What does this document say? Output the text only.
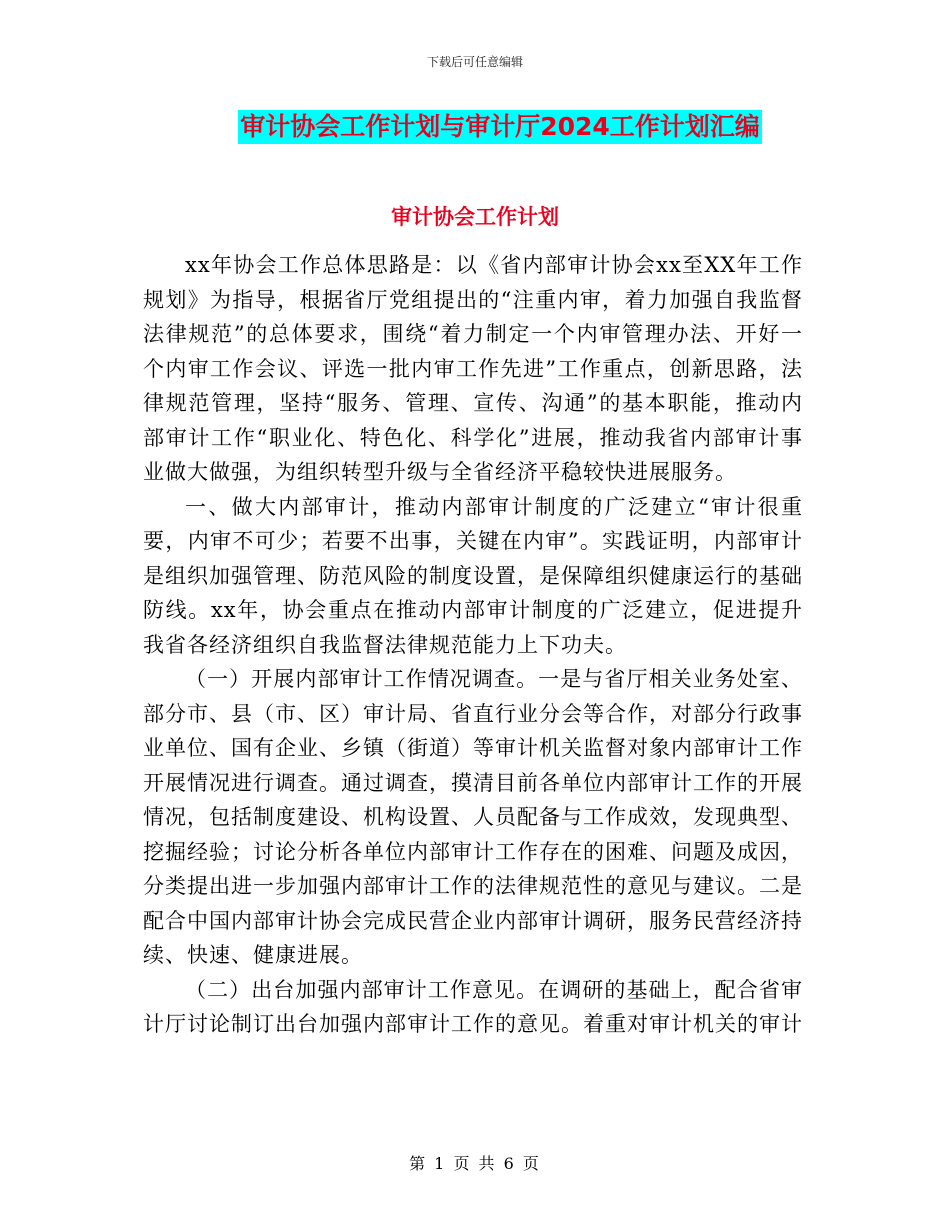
下载后可任意编辑
审计协会工作计划与审计厅2024工作计划汇编
审计协会工作计划

xx年协会工作总体思路是：以《省内部审计协会xx至XX年工作规划》为指导，根据省厅党组提出的“注重内审，着力加强自我监督法律规范”的总体要求，围绕“着力制定一个内审管理办法、开好一个内审工作会议、评选一批内审工作先进”工作重点，创新思路，法律规范管理，坚持“服务、管理、宣传、沟通”的基本职能，推动内部审计工作“职业化、特色化、科学化”进展，推动我省内部审计事业做大做强，为组织转型升级与全省经济平稳较快进展服务。

一、做大内部审计，推动内部审计制度的广泛建立“审计很重要，内审不可少；若要不出事，关键在内审”。实践证明，内部审计是组织加强管理、防范风险的制度设置，是保障组织健康运行的基础防线。xx年，协会重点在推动内部审计制度的广泛建立，促进提升我省各经济组织自我监督法律规范能力上下功夫。

（一）开展内部审计工作情况调查。一是与省厅相关业务处室、部分市、县（市、区）审计局、省直行业分会等合作，对部分行政事业单位、国有企业、乡镇（街道）等审计机关监督对象内部审计工作开展情况进行调查。通过调查，摸清目前各单位内部审计工作的开展情况，包括制度建设、机构设置、人员配备与工作成效，发现典型、挖掘经验；讨论分析各单位内部审计工作存在的困难、问题及成因，分类提出进一步加强内部审计工作的法律规范性的意见与建议。二是配合中国内部审计协会完成民营企业内部审计调研，服务民营经济持续、快速、健康进展。

（二）出台加强内部审计工作意见。在调研的基础上，配合省审计厅讨论制订出台加强内部审计工作的意见。着重对审计机关的审计

第 1 页 共 6 页
